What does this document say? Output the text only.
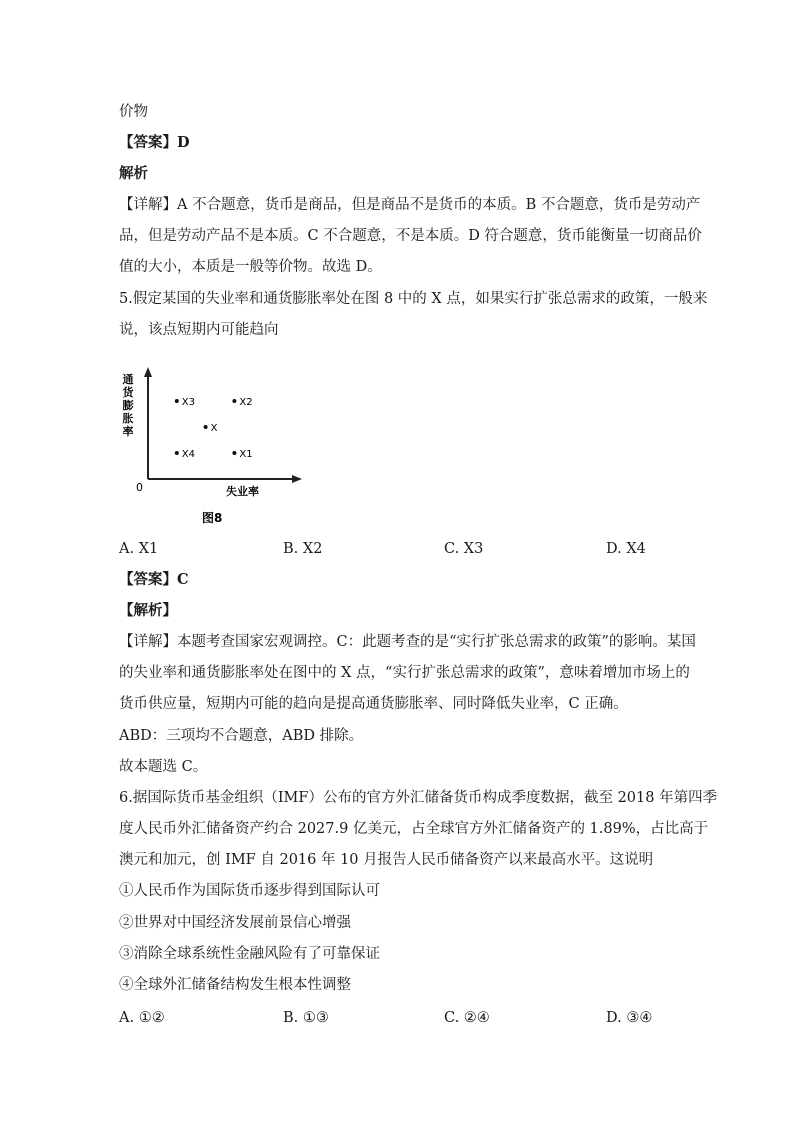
价物
【答案】D
解析
【详解】A 不合题意，货币是商品，但是商品不是货币的本质。B 不合题意，货币是劳动产
品，但是劳动产品不是本质。C 不合题意，不是本质。D 符合题意，货币能衡量一切商品价
值的大小，本质是一般等价物。故选 D。
5.假定某国的失业率和通货膨胀率处在图 8 中的 X 点，如果实行扩张总需求的政策，一般来
说，该点短期内可能趋向
通
货
膨
胀
率
0	失业率
X3	X2
X
X4	X1
图8
A. X1	B. X2	C. X3	D. X4
【答案】C
【解析】
【详解】本题考查国家宏观调控。C：此题考查的是“实行扩张总需求的政策”的影响。某国
的失业率和通货膨胀率处在图中的 X 点，“实行扩张总需求的政策”，意味着增加市场上的
货币供应量，短期内可能的趋向是提高通货膨胀率、同时降低失业率，C 正确。
ABD：三项均不合题意，ABD 排除。
故本题选 C。
6.据国际货币基金组织（IMF）公布的官方外汇储备货币构成季度数据，截至 2018 年第四季
度人民币外汇储备资产约合 2027.9 亿美元，占全球官方外汇储备资产的 1.89%，占比高于
澳元和加元，创 IMF 自 2016 年 10 月报告人民币储备资产以来最高水平。这说明
①人民币作为国际货币逐步得到国际认可
②世界对中国经济发展前景信心增强
③消除全球系统性金融风险有了可靠保证
④全球外汇储备结构发生根本性调整
A. ①②	B. ①③	C. ②④	D. ③④
